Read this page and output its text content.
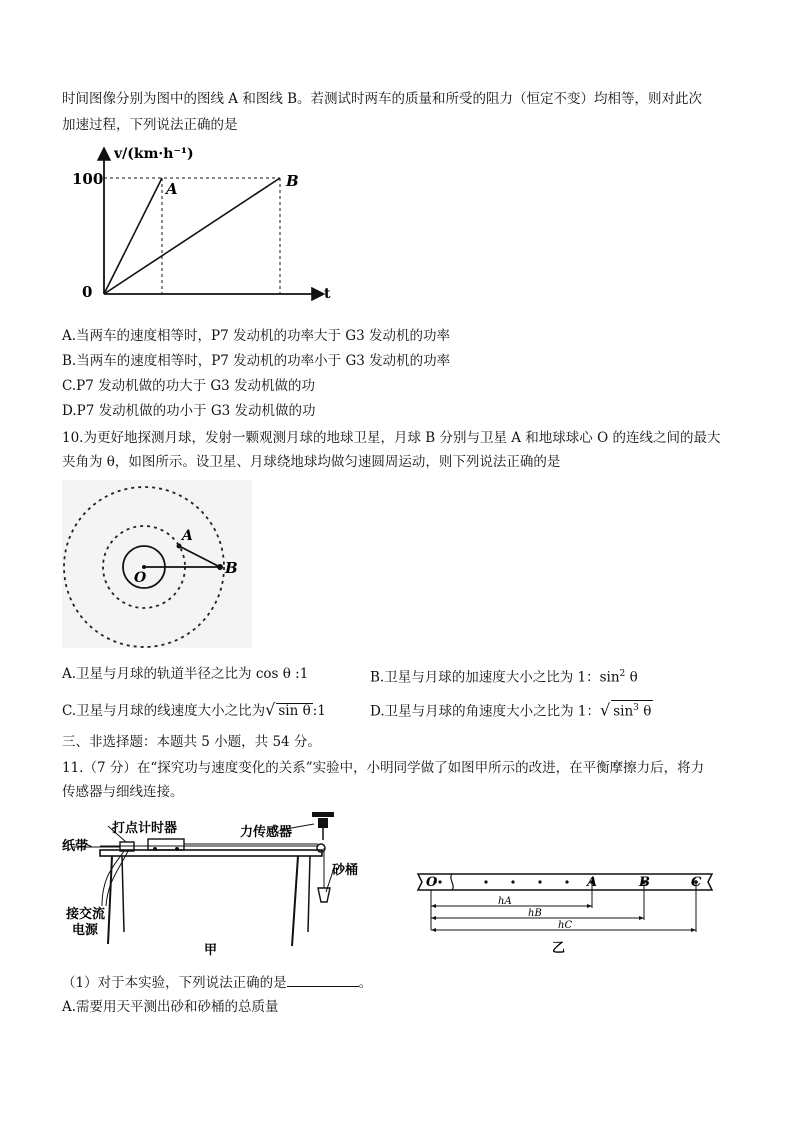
时间图像分别为图中的图线 A 和图线 B。若测试时两车的质量和所受的阻力（恒定不变）均相等，则对此次
加速过程，下列说法正确的是
v/(km·h⁻¹)
t
100
0
A	B
A.当两车的速度相等时，P7 发动机的功率大于 G3 发动机的功率
B.当两车的速度相等时，P7 发动机的功率小于 G3 发动机的功率
C.P7 发动机做的功大于 G3 发动机做的功
D.P7 发动机做的功小于 G3 发动机做的功
10.为更好地探测月球，发射一颗观测月球的地球卫星，月球 B 分别与卫星 A 和地球球心 O 的连线之间的最大
夹角为 θ，如图所示。设卫星、月球绕地球均做匀速圆周运动，则下列说法正确的是
A
O
B
A.卫星与月球的轨道半径之比为 cos θ :1	B.卫星与月球的加速度大小之比为 1：$\sin^2 \theta$
C.卫星与月球的线速度大小之比为√ sin θ :1	D.卫星与月球的角速度大小之比为 1：√ $\sin^3 \theta$
三、非选择题：本题共 5 小题，共 54 分。
11.（7 分）在“探究功与速度变化的关系”实验中，小明同学做了如图甲所示的改进，在平衡摩擦力后，将力
传感器与细线连接。
打点计时器	力传感器
纸带
砂桶
接交流
电源
甲
O	A	B	C
hA
hB
hC
乙
（1）对于本实验，下列说法正确的是	。
A.需要用天平测出砂和砂桶的总质量
